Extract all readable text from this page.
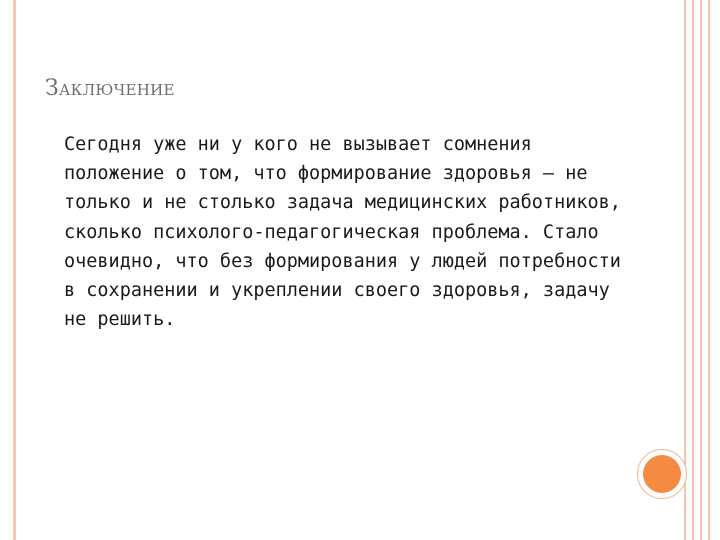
Заключение

Сегодня уже ни у кого не вызывает сомнения положение о том, что формирование здоровья – не только и не столько задача медицинских работников, сколько психолого-педагогическая проблема. Стало очевидно, что без формирования у людей потребности в сохранении и укреплении своего здоровья, задачу не решить.
